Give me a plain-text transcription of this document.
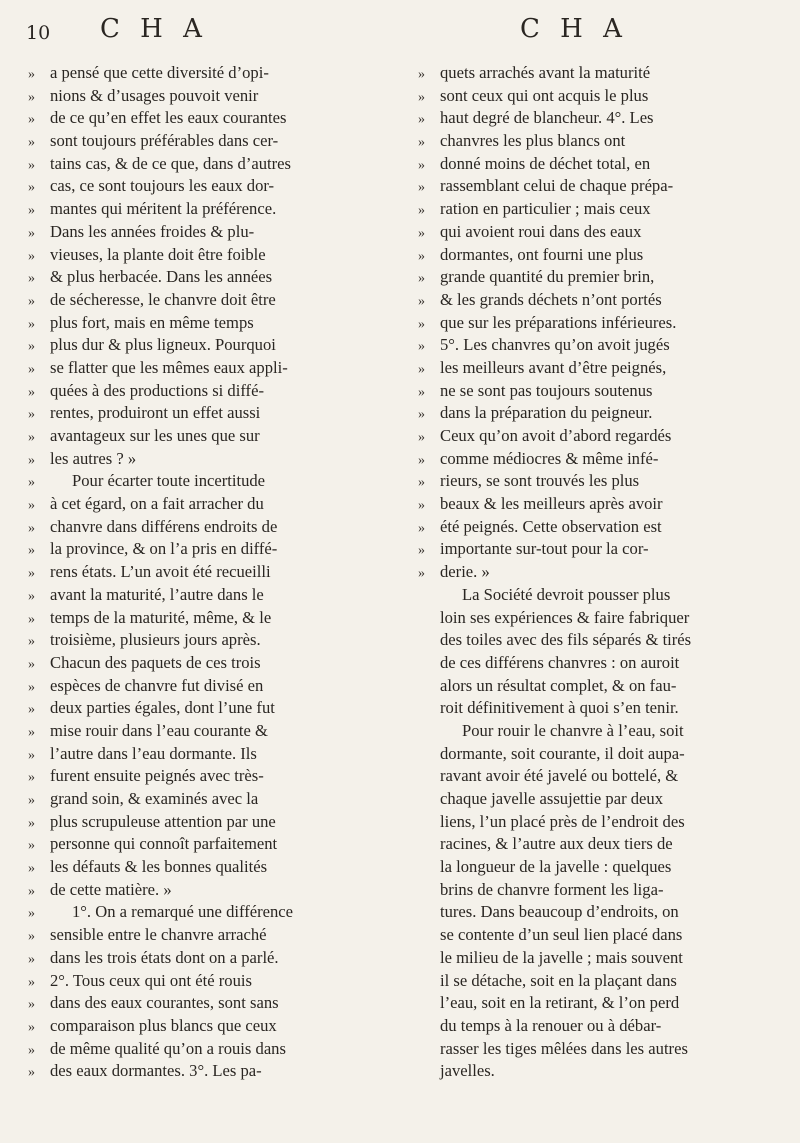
10 C H A	C H A
» a pensé que cette diversité d’opi-
» nions & d’usages pouvoit venir
» de ce qu’en effet les eaux courantes
» sont toujours préférables dans cer-
» tains cas, & de ce que, dans d’autres
» cas, ce sont toujours les eaux dor-
» mantes qui méritent la préférence.
» Dans les années froides & plu-
» vieuses, la plante doit être foible
» & plus herbacée. Dans les années
» de sécheresse, le chanvre doit être
» plus fort, mais en même temps
» plus dur & plus ligneux. Pourquoi
» se flatter que les mêmes eaux appli-
» quées à des productions si diffé-
» rentes, produiront un effet aussi
» avantageux sur les unes que sur
» les autres ? »
» Pour écarter toute incertitude
» à cet égard, on a fait arracher du
» chanvre dans différens endroits de
» la province, & on l’a pris en diffé-
» rens états. L’un avoit été recueilli
» avant la maturité, l’autre dans le
» temps de la maturité, même, & le
» troisième, plusieurs jours après.
» Chacun des paquets de ces trois
» espèces de chanvre fut divisé en
» deux parties égales, dont l’une fut
» mise rouir dans l’eau courante &
» l’autre dans l’eau dormante. Ils
» furent ensuite peignés avec très-
» grand soin, & examinés avec la
» plus scrupuleuse attention par une
» personne qui connoît parfaitement
» les défauts & les bonnes qualités
» de cette matière. »
» 1°. On a remarqué une différence
» sensible entre le chanvre arraché
» dans les trois états dont on a parlé.
» 2°. Tous ceux qui ont été rouis
» dans des eaux courantes, sont sans
» comparaison plus blancs que ceux
» de même qualité qu’on a rouis dans
» des eaux dormantes. 3°. Les pa-
» quets arrachés avant la maturité
» sont ceux qui ont acquis le plus
» haut degré de blancheur. 4°. Les
» chanvres les plus blancs ont
» donné moins de déchet total, en
» rassemblant celui de chaque prépa-
» ration en particulier ; mais ceux
» qui avoient roui dans des eaux
» dormantes, ont fourni une plus
» grande quantité du premier brin,
» & les grands déchets n’ont portés
» que sur les préparations inférieures.
» 5°. Les chanvres qu’on avoit jugés
» les meilleurs avant d’être peignés,
» ne se sont pas toujours soutenus
» dans la préparation du peigneur.
» Ceux qu’on avoit d’abord regardés
» comme médiocres & même infé-
» rieurs, se sont trouvés les plus
» beaux & les meilleurs après avoir
» été peignés. Cette observation est
» importante sur-tout pour la cor-
» derie. »
La Société devroit pousser plus
loin ses expériences & faire fabriquer
des toiles avec des fils séparés & tirés
de ces différens chanvres : on auroit
alors un résultat complet, & on fau-
roit définitivement à quoi s’en tenir.
Pour rouir le chanvre à l’eau, soit
dormante, soit courante, il doit aupa-
ravant avoir été javelé ou bottelé, &
chaque javelle assujettie par deux
liens, l’un placé près de l’endroit des
racines, & l’autre aux deux tiers de
la longueur de la javelle : quelques
brins de chanvre forment les liga-
tures. Dans beaucoup d’endroits, on
se contente d’un seul lien placé dans
le milieu de la javelle ; mais souvent
il se détache, soit en la plaçant dans
l’eau, soit en la retirant, & l’on perd
du temps à la renouer ou à débar-
rasser les tiges mêlées dans les autres
javelles.
